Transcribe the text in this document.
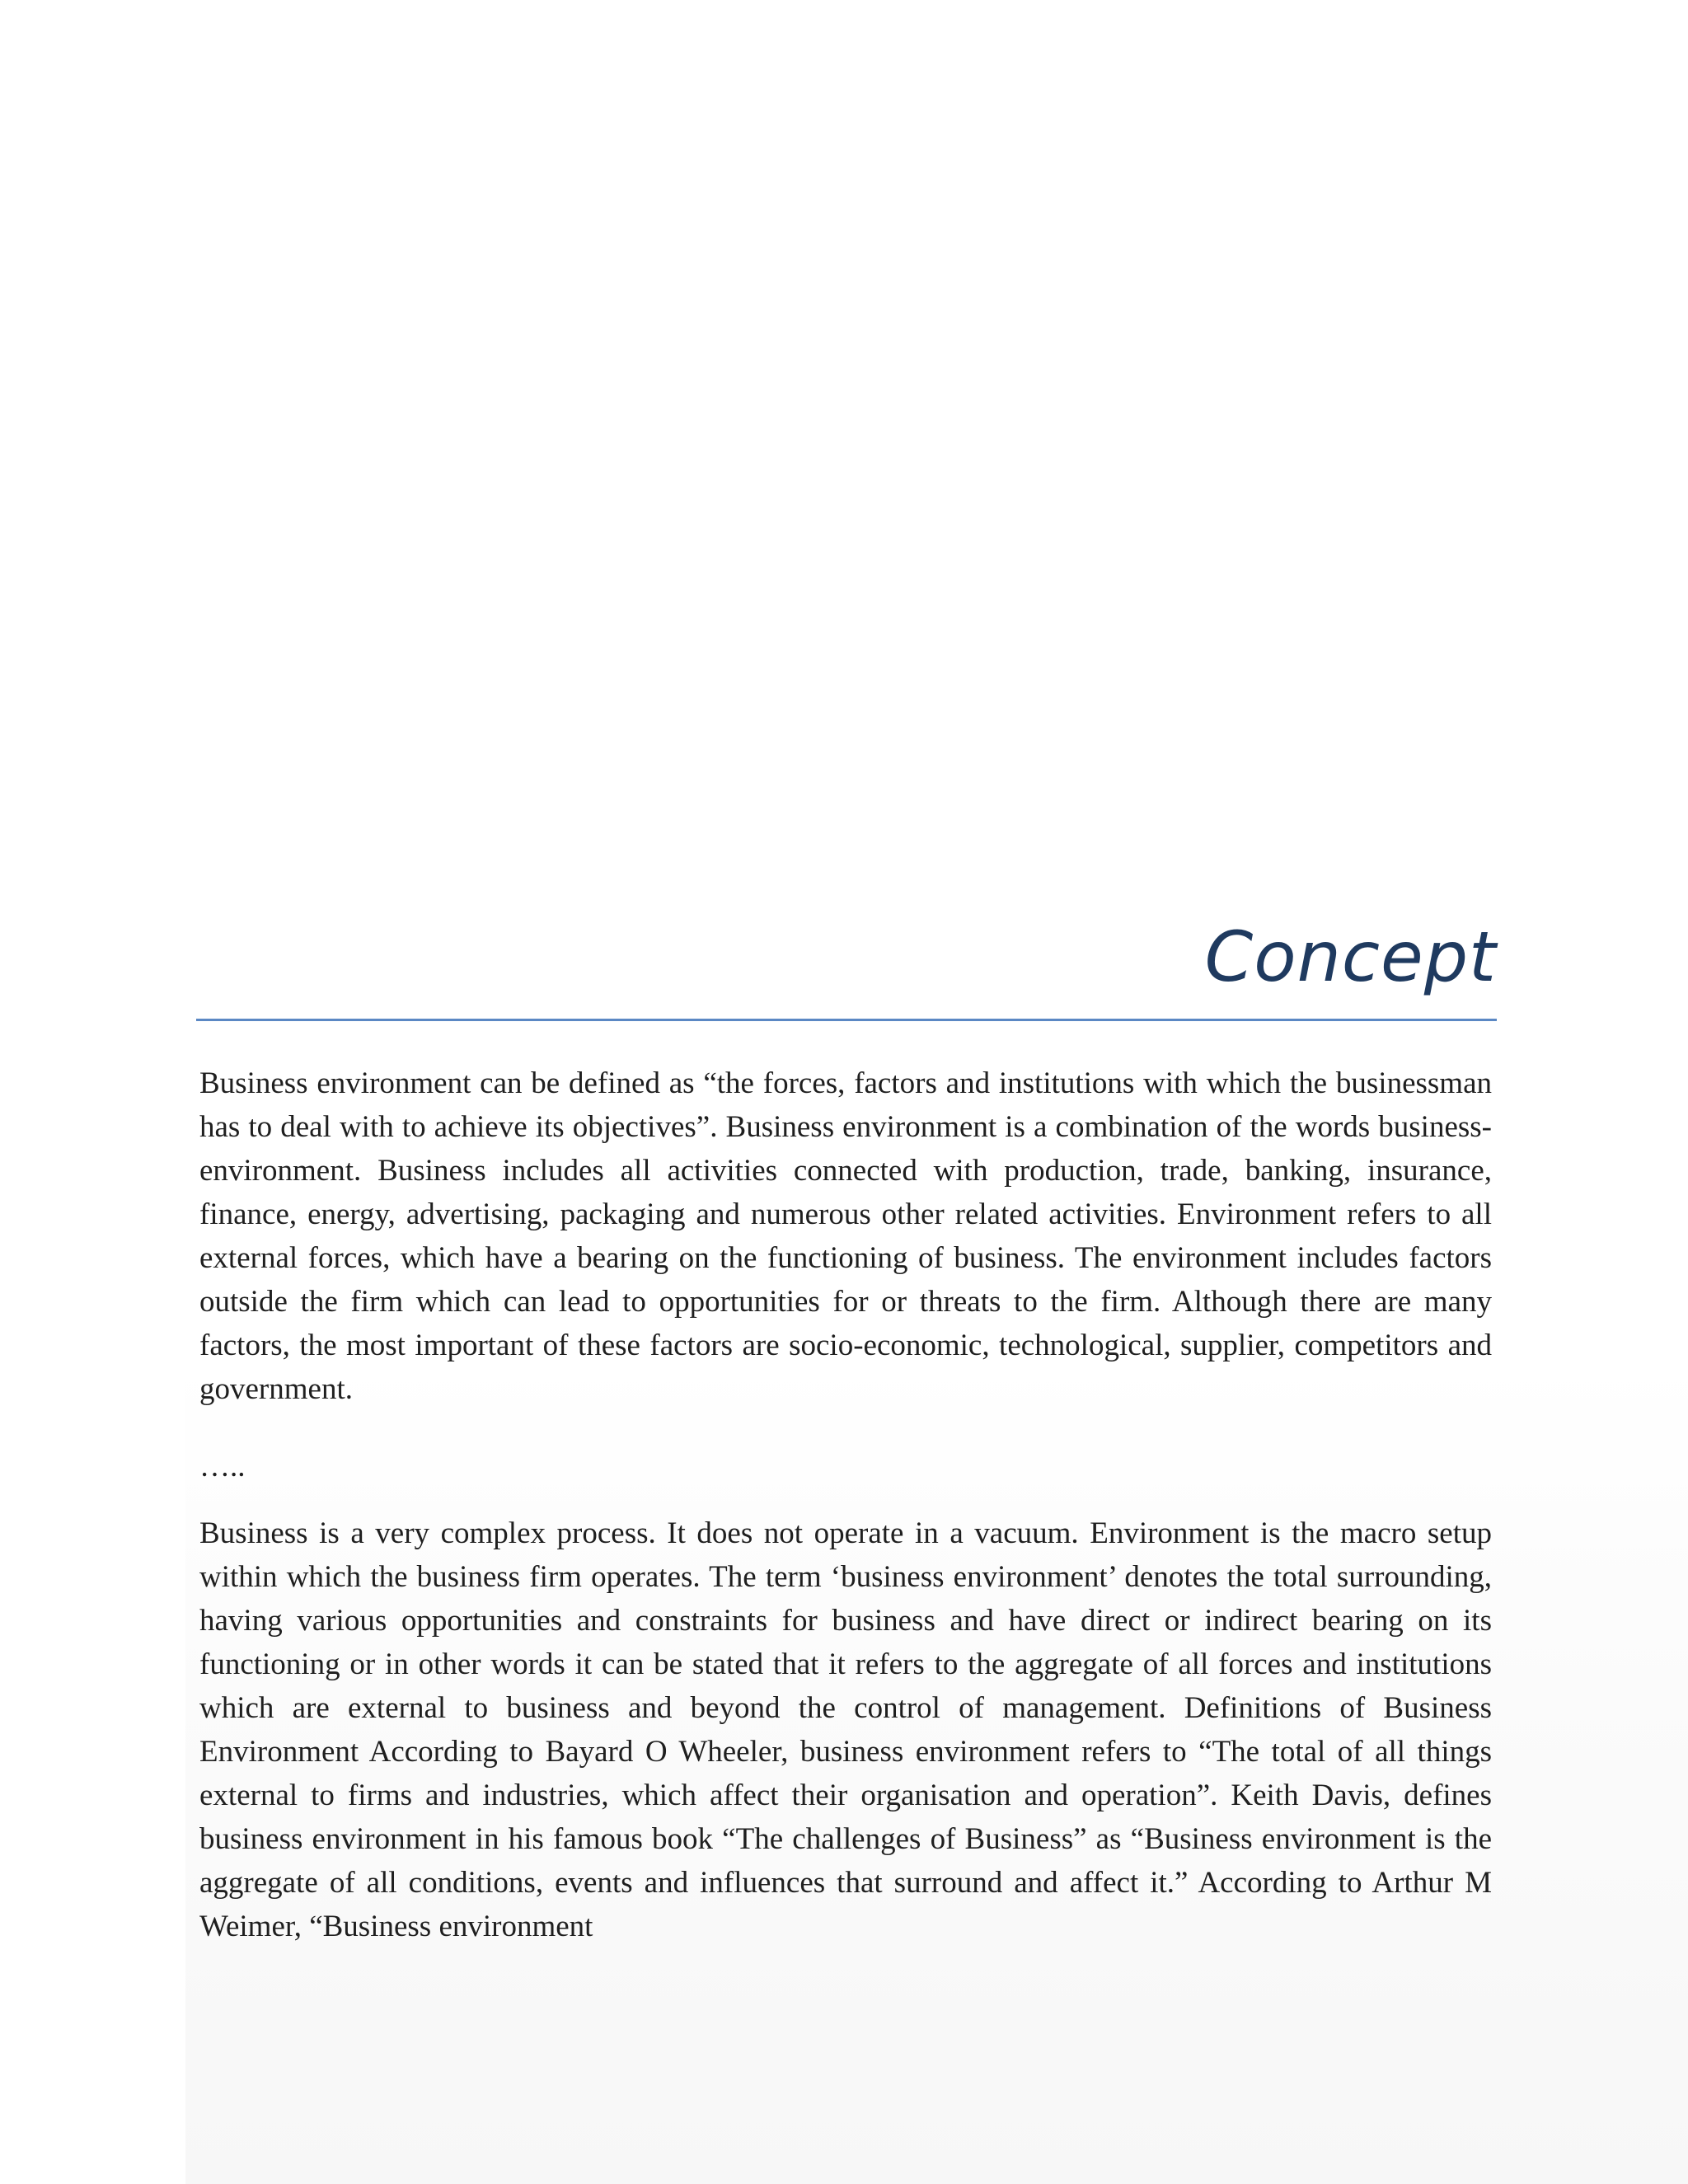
Concept

Business environment can be defined as “the forces, factors and institutions with which the businessman has to deal with to achieve its objectives”. Business environment is a combination of the words business-environment. Business includes all activities connected with production, trade, banking, insurance, finance, energy, advertising, packaging and numerous other related activities. Environment refers to all external forces, which have a bearing on the functioning of business. The environment includes factors outside the firm which can lead to opportunities for or threats to the firm. Although there are many factors, the most important of these factors are socio-economic, technological, supplier, competitors and government.

…..

Business is a very complex process. It does not operate in a vacuum. Environment is the macro setup within which the business firm operates. The term ‘business environment’ denotes the total surrounding, having various opportunities and constraints for business and have direct or indirect bearing on its functioning or in other words it can be stated that it refers to the aggregate of all forces and institutions which are external to business and beyond the control of management. Definitions of Business Environment According to Bayard O Wheeler, business environment refers to “The total of all things external to firms and industries, which affect their organisation and operation”. Keith Davis, defines business environment in his famous book “The challenges of Business” as “Business environment is the aggregate of all conditions, events and influences that surround and affect it.” According to Arthur M Weimer, “Business environment
